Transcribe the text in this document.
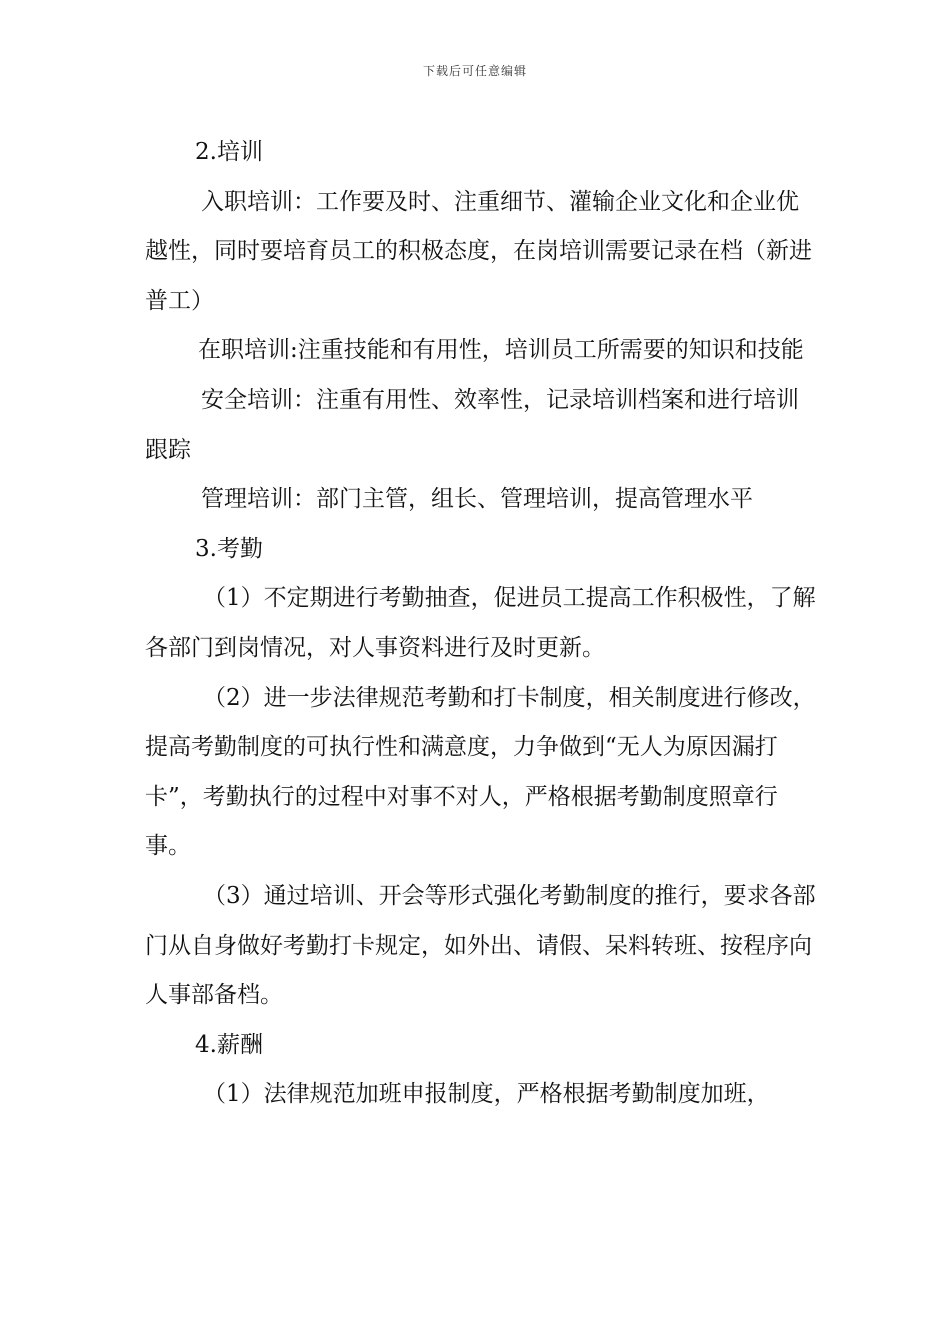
下载后可任意编辑

2.培训

入职培训：工作要及时、注重细节、灌输企业文化和企业优越性，同时要培育员工的积极态度，在岗培训需要记录在档（新进普工）

在职培训:注重技能和有用性，培训员工所需要的知识和技能

安全培训：注重有用性、效率性，记录培训档案和进行培训跟踪

管理培训：部门主管，组长、管理培训，提高管理水平

3.考勤

（1）不定期进行考勤抽查，促进员工提高工作积极性，了解各部门到岗情况，对人事资料进行及时更新。

（2）进一步法律规范考勤和打卡制度，相关制度进行修改，提高考勤制度的可执行性和满意度，力争做到“无人为原因漏打卡”，考勤执行的过程中对事不对人，严格根据考勤制度照章行事。

（3）通过培训、开会等形式强化考勤制度的推行，要求各部门从自身做好考勤打卡规定，如外出、请假、呆料转班、按程序向人事部备档。

4.薪酬

（1）法律规范加班申报制度，严格根据考勤制度加班，
